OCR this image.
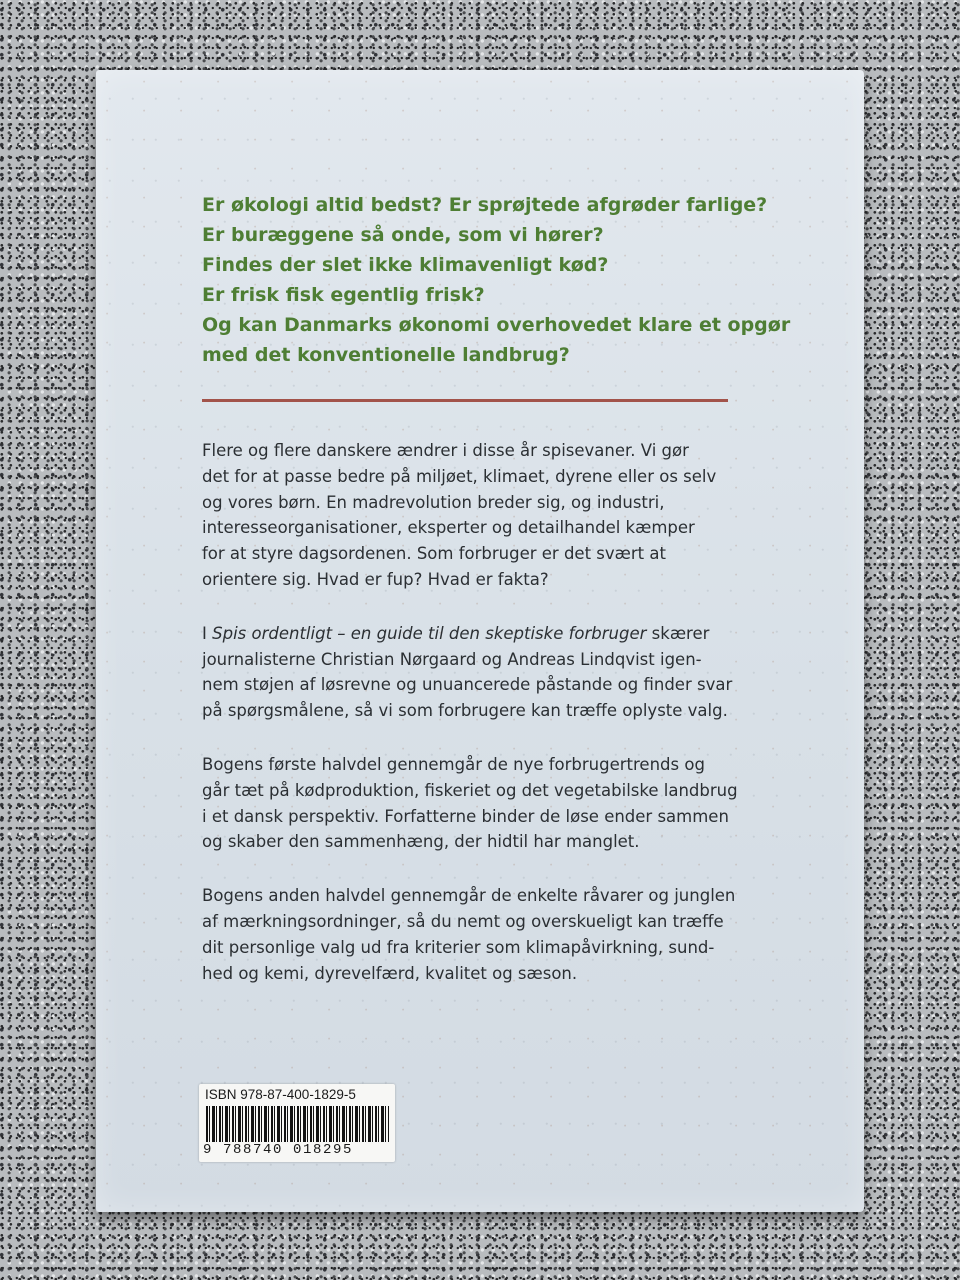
Er økologi altid bedst? Er sprøjtede afgrøder farlige?
Er buræggene så onde, som vi hører?
Findes der slet ikke klimavenligt kød?
Er frisk fisk egentlig frisk?
Og kan Danmarks økonomi overhovedet klare et opgør
med det konventionelle landbrug?

Flere og flere danskere ændrer i disse år spisevaner. Vi gør
det for at passe bedre på miljøet, klimaet, dyrene eller os selv
og vores børn. En madrevolution breder sig, og industri,
interesseorganisationer, eksperter og detailhandel kæmper
for at styre dagsordenen. Som forbruger er det svært at
orientere sig. Hvad er fup? Hvad er fakta?

I Spis ordentligt – en guide til den skeptiske forbruger skærer
journalisterne Christian Nørgaard og Andreas Lindqvist igen-
nem støjen af løsrevne og unuancerede påstande og finder svar
på spørgsmålene, så vi som forbrugere kan træffe oplyste valg.

Bogens første halvdel gennemgår de nye forbrugertrends og
går tæt på kødproduktion, fiskeriet og det vegetabilske landbrug
i et dansk perspektiv. Forfatterne binder de løse ender sammen
og skaber den sammenhæng, der hidtil har manglet.

Bogens anden halvdel gennemgår de enkelte råvarer og junglen
af mærkningsordninger, så du nemt og overskueligt kan træffe
dit personlige valg ud fra kriterier som klimapåvirkning, sund-
hed og kemi, dyrevelfærd, kvalitet og sæson.

ISBN 978-87-400-1829-5
9 788740 018295
